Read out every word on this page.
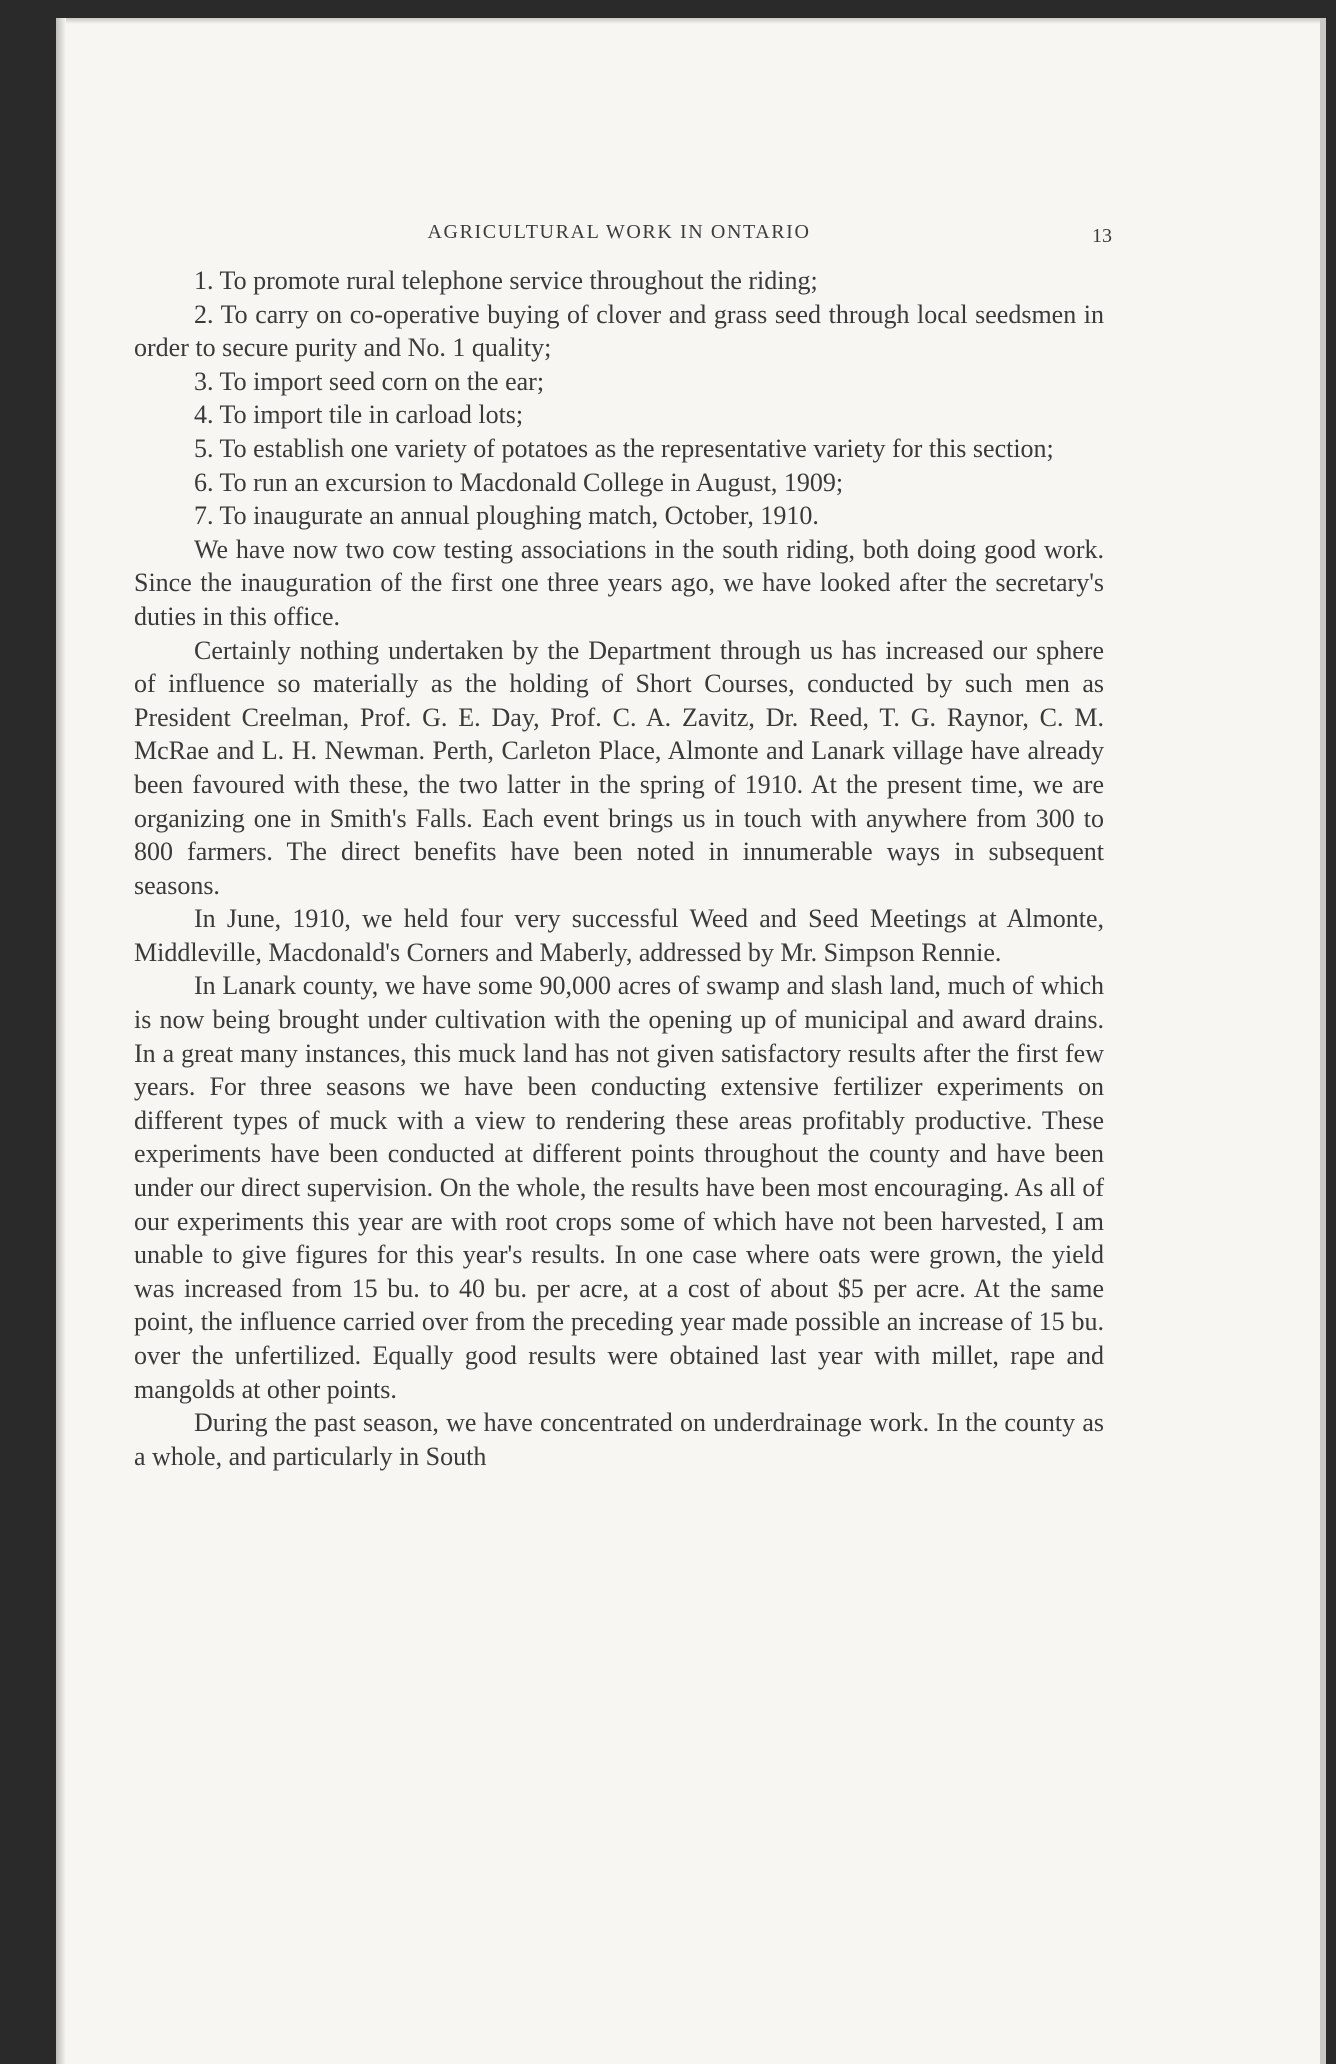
AGRICULTURAL WORK IN ONTARIO	13

1. To promote rural telephone service throughout the riding;

2. To carry on co-operative buying of clover and grass seed through local seedsmen in order to secure purity and No. 1 quality;

3. To import seed corn on the ear;

4. To import tile in carload lots;

5. To establish one variety of potatoes as the representative variety for this section;

6. To run an excursion to Macdonald College in August, 1909;

7. To inaugurate an annual ploughing match, October, 1910.

We have now two cow testing associations in the south riding, both doing good work. Since the inauguration of the first one three years ago, we have looked after the secretary's duties in this office.

Certainly nothing undertaken by the Department through us has increased our sphere of influence so materially as the holding of Short Courses, conducted by such men as President Creelman, Prof. G. E. Day, Prof. C. A. Zavitz, Dr. Reed, T. G. Raynor, C. M. McRae and L. H. Newman. Perth, Carleton Place, Almonte and Lanark village have already been favoured with these, the two latter in the spring of 1910. At the present time, we are organizing one in Smith's Falls. Each event brings us in touch with anywhere from 300 to 800 farmers. The direct benefits have been noted in innumerable ways in subsequent seasons.

In June, 1910, we held four very successful Weed and Seed Meetings at Almonte, Middleville, Macdonald's Corners and Maberly, addressed by Mr. Simpson Rennie.

In Lanark county, we have some 90,000 acres of swamp and slash land, much of which is now being brought under cultivation with the opening up of municipal and award drains. In a great many instances, this muck land has not given satisfactory results after the first few years. For three seasons we have been conducting extensive fertilizer experiments on different types of muck with a view to rendering these areas profitably productive. These experiments have been conducted at different points throughout the county and have been under our direct supervision. On the whole, the results have been most encouraging. As all of our experiments this year are with root crops some of which have not been harvested, I am unable to give figures for this year's results. In one case where oats were grown, the yield was increased from 15 bu. to 40 bu. per acre, at a cost of about $5 per acre. At the same point, the influence carried over from the preceding year made possible an increase of 15 bu. over the unfertilized. Equally good results were obtained last year with millet, rape and mangolds at other points.

During the past season, we have concentrated on underdrainage work. In the county as a whole, and particularly in South
